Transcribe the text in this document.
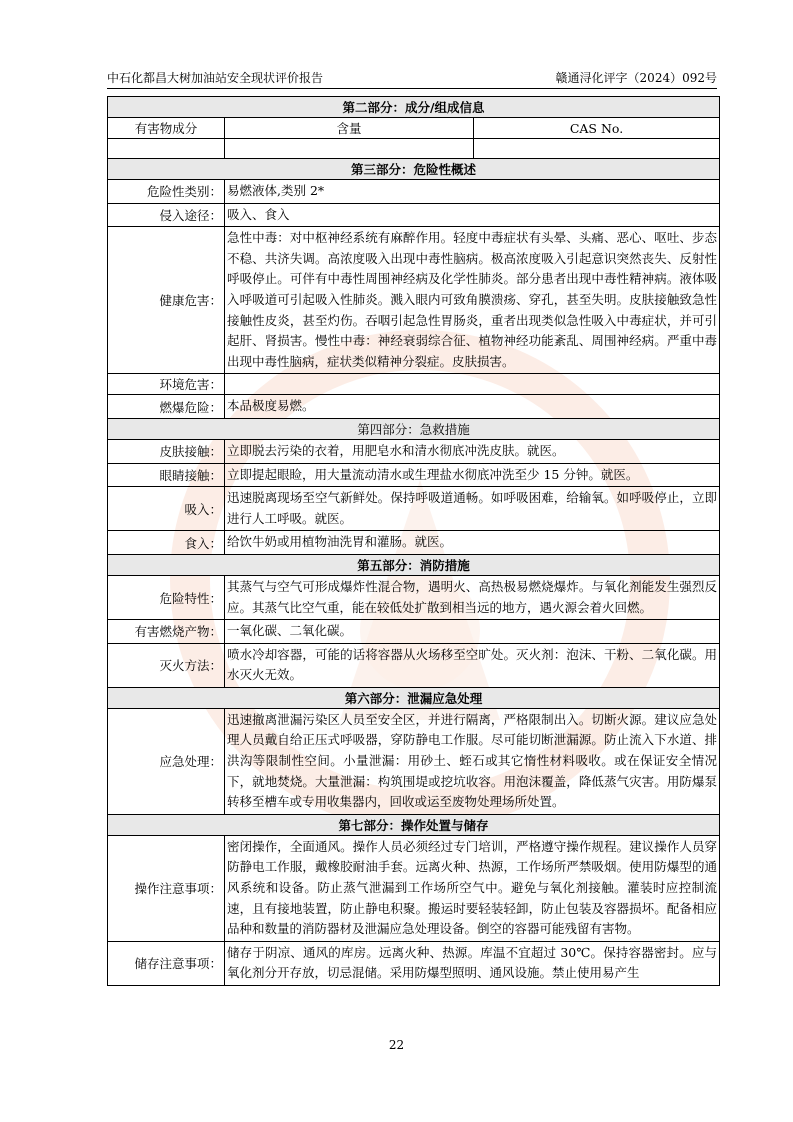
中石化都昌大树加油站安全现状评价报告	赣通浔化评字（2024）092号
第二部分：成分/组成信息		
有害物成分	含量	CAS No.

第三部分：危险性概述		
危险性类别：	易燃液体,类别 2*	
侵入途径：	吸入、食入	
健康危害：	急性中毒：对中枢神经系统有麻醉作用。轻度中毒症状有头晕、头痛、恶心、呕吐、步态不稳、共济失调。高浓度吸入出现中毒性脑病。极高浓度吸入引起意识突然丧失、反射性呼吸停止。可伴有中毒性周围神经病及化学性肺炎。部分患者出现中毒性精神病。液体吸入呼吸道可引起吸入性肺炎。溅入眼内可致角膜溃疡、穿孔，甚至失明。皮肤接触致急性接触性皮炎，甚至灼伤。吞咽引起急性胃肠炎，重者出现类似急性吸入中毒症状，并可引起肝、肾损害。慢性中毒：神经衰弱综合征、植物神经功能紊乱、周围神经病。严重中毒出现中毒性脑病，症状类似精神分裂症。皮肤损害。	
环境危害：		
燃爆危险：	本品极度易燃。	
第四部分：急救措施		
皮肤接触：	立即脱去污染的衣着，用肥皂水和清水彻底冲洗皮肤。就医。	
眼睛接触：	立即提起眼睑，用大量流动清水或生理盐水彻底冲洗至少 15 分钟。就医。	
吸入：	迅速脱离现场至空气新鲜处。保持呼吸道通畅。如呼吸困难，给输氧。如呼吸停止，立即进行人工呼吸。就医。	
食入：	给饮牛奶或用植物油洗胃和灌肠。就医。	
第五部分：消防措施		
危险特性：	其蒸气与空气可形成爆炸性混合物，遇明火、高热极易燃烧爆炸。与氧化剂能发生强烈反应。其蒸气比空气重，能在较低处扩散到相当远的地方，遇火源会着火回燃。	
有害燃烧产物：	一氧化碳、二氧化碳。	
灭火方法：	喷水冷却容器，可能的话将容器从火场移至空旷处。灭火剂：泡沫、干粉、二氧化碳。用水灭火无效。	
第六部分：泄漏应急处理		
应急处理：	迅速撤离泄漏污染区人员至安全区，并进行隔离，严格限制出入。切断火源。建议应急处理人员戴自给正压式呼吸器，穿防静电工作服。尽可能切断泄漏源。防止流入下水道、排洪沟等限制性空间。小量泄漏：用砂土、蛭石或其它惰性材料吸收。或在保证安全情况下，就地焚烧。大量泄漏：构筑围堤或挖坑收容。用泡沫覆盖，降低蒸气灾害。用防爆泵转移至槽车或专用收集器内，回收或运至废物处理场所处置。	
第七部分：操作处置与储存		
操作注意事项：	密闭操作，全面通风。操作人员必须经过专门培训，严格遵守操作规程。建议操作人员穿防静电工作服，戴橡胶耐油手套。远离火种、热源，工作场所严禁吸烟。使用防爆型的通风系统和设备。防止蒸气泄漏到工作场所空气中。避免与氧化剂接触。灌装时应控制流速，且有接地装置，防止静电积聚。搬运时要轻装轻卸，防止包装及容器损坏。配备相应品种和数量的消防器材及泄漏应急处理设备。倒空的容器可能残留有害物。	
储存注意事项：	储存于阴凉、通风的库房。远离火种、热源。库温不宜超过 30℃。保持容器密封。应与氧化剂分开存放，切忌混储。采用防爆型照明、通风设施。禁止使用易产生	
22
